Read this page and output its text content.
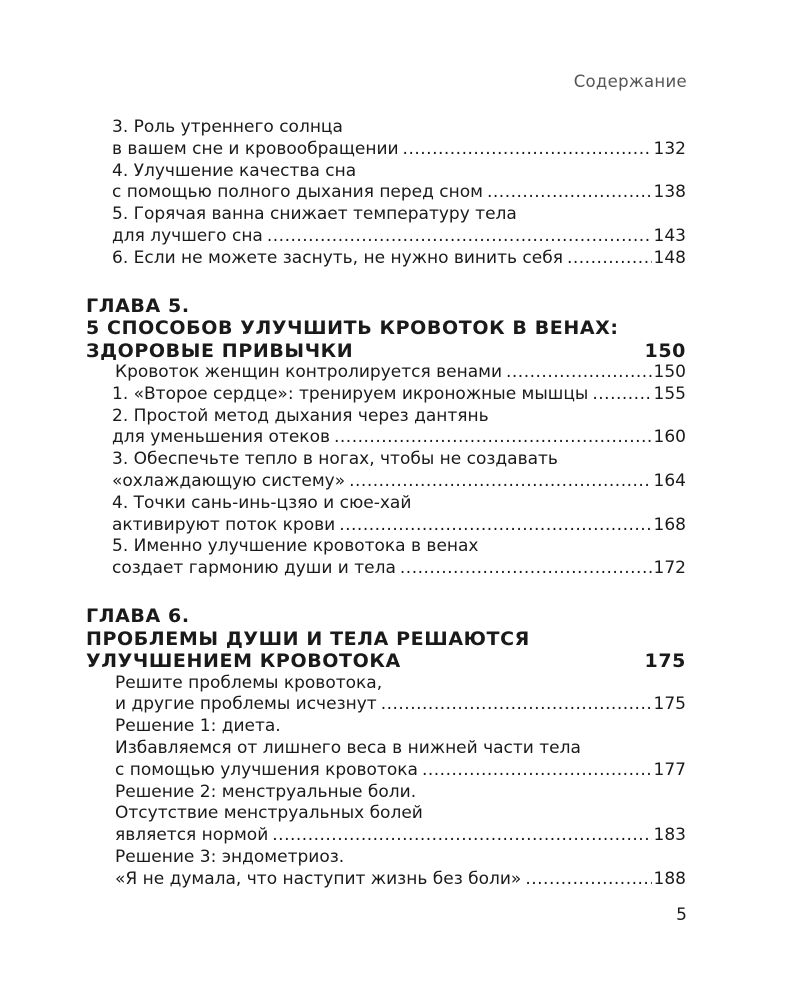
Содержание
3. Роль утреннего солнца
в вашем сне и кровообращении .....	132
4. Улучшение качества сна
с помощью полного дыхания перед сном .....	138
5. Горячая ванна снижает температуру тела
для лучшего сна .....	143
6. Если не можете заснуть, не нужно винить себя .....	148
ГЛАВА 5.
5 СПОСОБОВ УЛУЧШИТЬ КРОВОТОК В ВЕНАХ:
ЗДОРОВЫЕ ПРИВЫЧКИ	150
Кровоток женщин контролируется венами .....	150
1. «Второе сердце»: тренируем икроножные мышцы .....	155
2. Простой метод дыхания через дантянь
для уменьшения отеков .....	160
3. Обеспечьте тепло в ногах, чтобы не создавать
«охлаждающую систему» .....	164
4. Точки сань-инь-цзяо и сюе-хай
активируют поток крови .....	168
5. Именно улучшение кровотока в венах
создает гармонию души и тела .....	172
ГЛАВА 6.
ПРОБЛЕМЫ ДУШИ И ТЕЛА РЕШАЮТСЯ
УЛУЧШЕНИЕМ КРОВОТОКА	175
Решите проблемы кровотока,
и другие проблемы исчезнут .....	175
Решение 1: диета.
Избавляемся от лишнего веса в нижней части тела
с помощью улучшения кровотока .....	177
Решение 2: менструальные боли.
Отсутствие менструальных болей
является нормой .....	183
Решение 3: эндометриоз.
«Я не думала, что наступит жизнь без боли» .....	188
5
